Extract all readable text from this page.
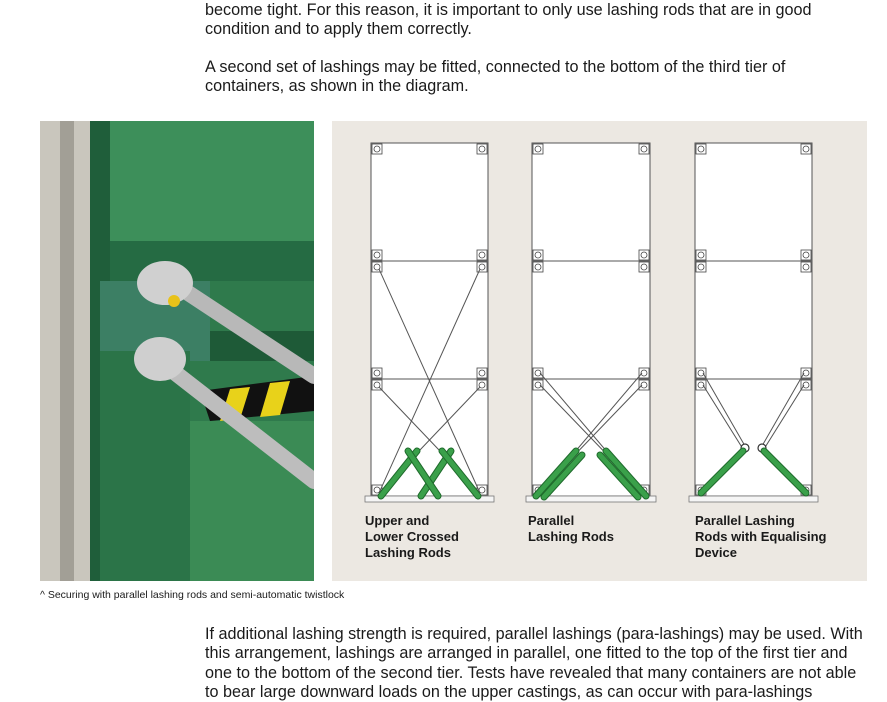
become tight. For this reason, it is important to only use lashing rods that are in good condition and to apply them correctly.

A second set of lashings may be fitted, connected to the bottom of the third tier of containers, as shown in the diagram.

Upper and
Lower Crossed
Lashing Rods
Parallel
Lashing Rods
Parallel Lashing
Rods with Equalising
Device
^ Securing with parallel lashing rods and semi-automatic twistlock

If additional lashing strength is required, parallel lashings (para-lashings) may be used. With this arrangement, lashings are arranged in parallel, one fitted to the top of the first tier and one to the bottom of the second tier. Tests have revealed that many containers are not able to bear large downward loads on the upper castings, as can occur with para-lashings
